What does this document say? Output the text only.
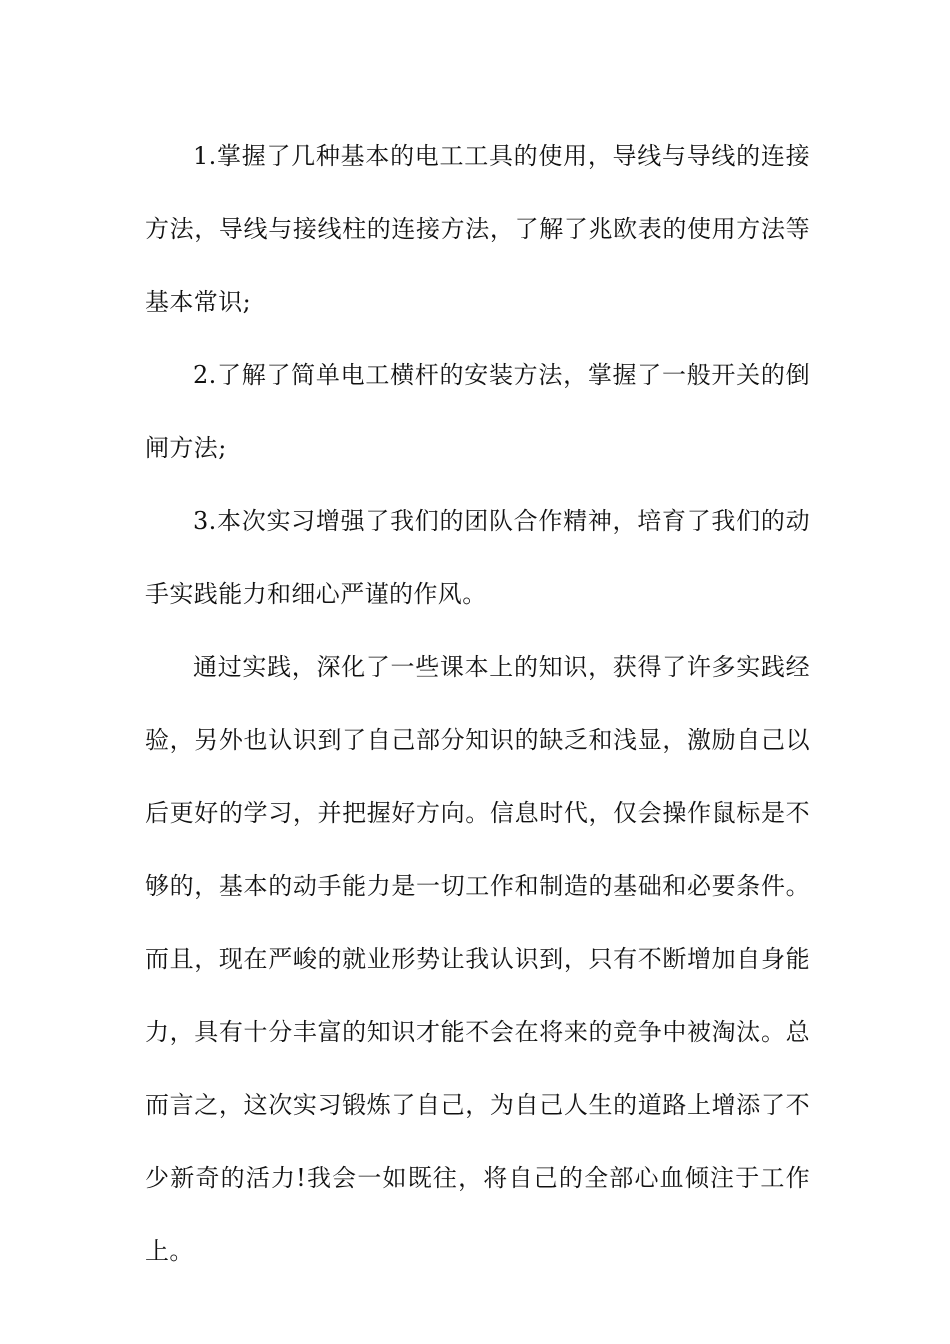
1.掌握了几种基本的电工工具的使用，导线与导线的连接方法，导线与接线柱的连接方法，了解了兆欧表的使用方法等基本常识;

2.了解了简单电工横杆的安装方法，掌握了一般开关的倒闸方法;

3.本次实习增强了我们的团队合作精神，培育了我们的动手实践能力和细心严谨的作风。

通过实践，深化了一些课本上的知识，获得了许多实践经验，另外也认识到了自己部分知识的缺乏和浅显，激励自己以后更好的学习，并把握好方向。信息时代，仅会操作鼠标是不够的，基本的动手能力是一切工作和制造的基础和必要条件。而且，现在严峻的就业形势让我认识到，只有不断增加自身能力，具有十分丰富的知识才能不会在将来的竞争中被淘汰。总而言之，这次实习锻炼了自己，为自己人生的道路上增添了不少新奇的活力!我会一如既往，将自己的全部心血倾注于工作上。
